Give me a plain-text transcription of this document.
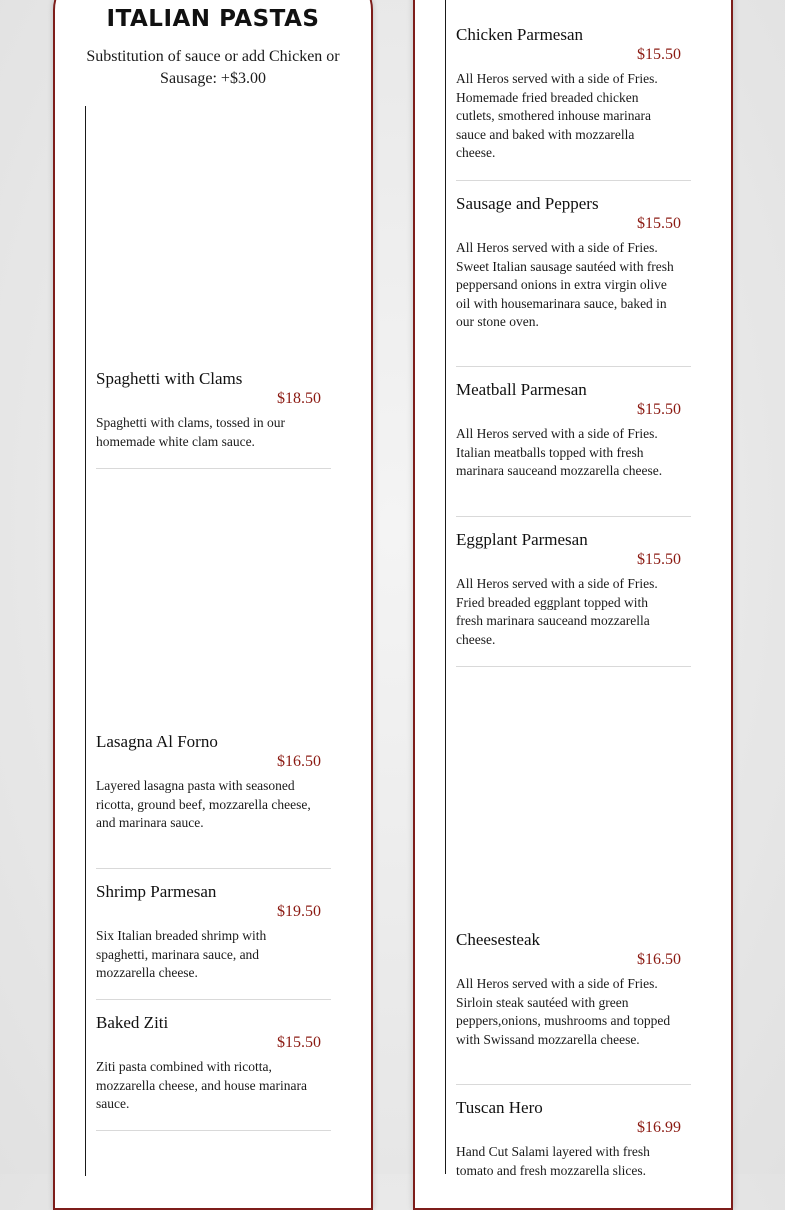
ITALIAN PASTAS
Substitution of sauce or add Chicken or Sausage: +$3.00
Spaghetti with Clams
$18.50
Spaghetti with clams, tossed in our homemade white clam sauce.
Lasagna Al Forno
$16.50
Layered lasagna pasta with seasoned ricotta, ground beef, mozzarella cheese, and marinara sauce.
Shrimp Parmesan
$19.50
Six Italian breaded shrimp with spaghetti, marinara sauce, and mozzarella cheese.
Baked Ziti
$15.50
Ziti pasta combined with ricotta, mozzarella cheese, and house marinara sauce.
Chicken Parmesan
$15.50
All Heros served with a side of Fries. Homemade fried breaded chicken cutlets, smothered inhouse marinara sauce and baked with mozzarella cheese.
Sausage and Peppers
$15.50
All Heros served with a side of Fries. Sweet Italian sausage sautéed with fresh peppersand onions in extra virgin olive oil with housemarinara sauce, baked in our stone oven.
Meatball Parmesan
$15.50
All Heros served with a side of Fries. Italian meatballs topped with fresh marinara sauceand mozzarella cheese.
Eggplant Parmesan
$15.50
All Heros served with a side of Fries. Fried breaded eggplant topped with fresh marinara sauceand mozzarella cheese.
Cheesesteak
$16.50
All Heros served with a side of Fries. Sirloin steak sautéed with green peppers,onions, mushrooms and topped with Swissand mozzarella cheese.
Tuscan Hero
$16.99
Hand Cut Salami layered with fresh tomato and fresh mozzarella slices.
